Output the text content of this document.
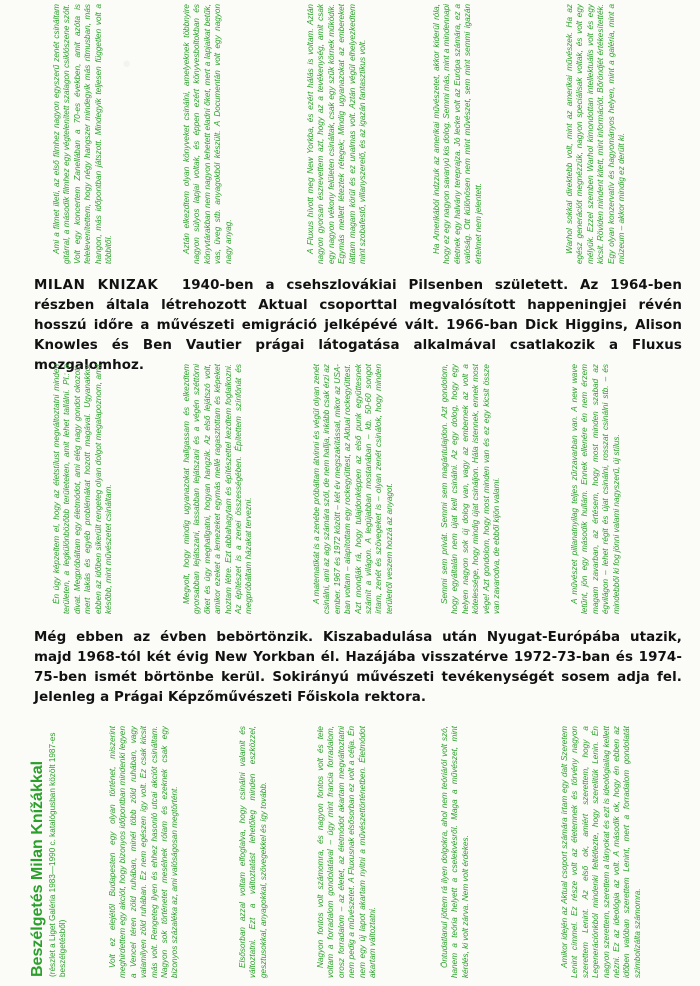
·

Ami a filmet illeti, az első filmhez nagyon egyszerű zenét csináltam gitárral, a második filmhez egy végtelenített szalagon csiklószene szólt. Volt egy koncertem Zanellában a 70-es években, amit azóta is felelevenítettem, hogy négy hangszer mindegyik más ritmusban, más hangon, más időpontban játszott. Mindegyik teljesen független volt a többitől.	Aztán elkezdtem olyan könyveket csinálni, amelyeknek többnyire nagyon súlyos lapjai voltak, és éppen ezért könyvesboltokban és könyvtárakban nem nagyon lehetett eladni őket, mert a lapjaikat betűk, vas, üveg stb. anyagokból készült. A Documentán volt egy nagyon nagy anyag.	A Fluxus hívott meg New Yorkba, és ezért hálás is voltam. Aztán nagyon gyorsan észrevettem azt, hogy az a tevékenység, amit csak egy nagyon vékony felületen csináltak, csak egy szűk körnek működik. Egymás mellett léteztek rétegek; Mindig ugyanazokat az embereket láttam magam körül és ez unalmas volt. Aztán végül elhelyezkedtem mint szobafestő, villanyszerelő, és az igazán fantasztikus volt.	Ha Amerikából indzzuk az amerikai művészetet, akkor kiderül róla, hogy ez egy nagyon savanyú kis dolog. Semmi más, mint a mindennapi életnek egy halvány tereprajza. Jó lecke volt az Európa számára, ez a valóság. Ott különösen nem mint művészet, sem mint semmi igazán értelmet nem jelentett.	Warhol sokkal direktebb volt, mint az amerikai művészek. Ha az egész generációt megnézzük, nagyon speciálisak voltak, és volt egy mélyük. Ezzel szemben Warhol kimondottan intellektuális volt és egy kicsit. Röviden mindent kitett, mint információt. Bőröndjét értékesítették. Egy olyan konzervatív és hagyományos helyen, mint a galéria, mint a múzeum – akkor mindig ez derült ki.

MILAN KNIZAK 1940-ben a csehszlovákiai Pilsenben született. Az 1964-ben részben általa létrehozott Aktual csoporttal megvalósított happeningjei révén hosszú időre a művészeti emigráció jelképévé vált. 1966-ban Dick Higgins, Alison Knowles és Ben Vautier prágai látogatása alkalmával csatlakozik a Fluxus mozgalomhoz.

Én úgy képzeltem el, hogy az életstílust megváltoztatni minden területen, a legkülönbözőbb területeken, amit lehet tallálni. Pl.: a divat. Megpróbáltam egy életmódot, ami elég nagy gondot okozott, mert lakás és egyéb problémákat hozott magával. Ugyanakkor ebben az időben sikerült rengeteg olyan dolgot megalapoznom, amit később, mint művészetet csináltam.	Megvolt, hogy mindig ugyanazokat hallgassam és elkezdtem gyorsabban lejátszani, lassabban lejátszani és a végén széttörni őket és úgy meghallgatni, hogyan hangzik. Az első lejátszó volt, amikor ezeket a lemezeket egymás mellé ragasztottam és képeket hoztam létre. Ezt abbahagytam és építészettel kezdtem foglalkozni. Az építészet is a zenei összességében. Építettem színfónát és megpróbáltam házakat tervezni.	A matematikát is a zenébe próbáltam átvinni és végül olyan zenét csinálni, ami az agy számára szól, de nem hallja, inkább csak érzi az ember. 1967 és 1972 között – két év megszakítással, mikor az USA-ban voltam – alapítottam egy rockegyüttest, az Aktual rockegyüttest. Azt mondják rá, hogy tulajdonképpen az első punk együttesnek számít a világon. A legújabban mostanában – kb. 50-60 songot írtam, zenét és szövegeket is – olyan zenét csinálok, hogy minden területről veszem hozzá az anyagot.	Semmi sem privát. Semmi sem magántulajdon. Azt gondolom, hogy egyáltalán nem újat kell csinálni. Az egy dolog, hogy egy helyen nagyon sok új dolog van, vagy az embernek az volt a kötelessége, hogy mindig újat csináljon. Hála istennek, ennek most vége! Azt gondolom, hogy most minden van és ez egy kicsit össze van zavarodva, de ebből kijön valami.	A művészet pillanatnyilag teljes zűrzavarban van. A new wave letűnt, jön egy második hullám. Ennek ellenére én nem érzem magam zavarban, az értésem, hogy most minden szabad az égvilágon – lehet régit és újat csinálni, rosszat csinálni stb. – és mindebből ki fog jönni valami nagyszerű, új stílus.

Még ebben az évben bebörtönzik. Kiszabadulása után Nyugat-Európába utazik, majd 1968-tól két évig New Yorkban él. Hazájába visszatérve 1972-73-ban és 1974-75-ben ismét börtönbe kerül. Sokirányú művészeti tevékenységét sosem adja fel. Jelenleg a Prágai Képzőművészeti Főiskola rektora.
Beszélgetés Milan Knížákkal (részlet a Liget Galéria 1983—1990 c. katalógusban közölt 1987-es beszélgetésből)	Volt ez elejétől Budapesten egy olyan történet, miszerint meghirdettem egy akciót, hogy bizonyos időpontban mindenki legyen a Vencel téren zöld ruhában, minél több zöld ruhában, vagy valamilyen zöld ruhában. Ez nem egészen így volt. Ez csak kicsit más volt. Rengeteg ilyen és ehhez hasonló utcai akciót csináltam. Nagyon sok történetet mesélnek rólam és ezeknek csak egy bizonyos százaléka az, ami valóságosan megtörtént.	Elsősorban azzal voltam elfoglalva, hogy csinálni valamit és változtatni. Ezt a változtatást lehetőleg minden eszközzel, gesztusokkal, anyagokkal, szövegekkel és így tovább.	Nagyon fontos volt számomra, és nagyon fontos volt és tele voltam a forradalom gondolatával – úgy mint francia forradalom, orosz forradalom – az életet, az életmódot akartam megváltoztatni nem pedig a művészetet. A Fluxusnak elsősorban ez volt a célja. Én nem egy új lapot akartam nyitni a művészettörténetben. Életmódot akartam változtatni.	Öntudatlanul jöttem rá ilyen dolgokra, ahol nem teóriáról volt szó, hanem a teória helyett a cselekvésről. Maga a művészet, mint kérdés, ki volt zárva. Nem volt érdekes.	Amikor idején az Aktual csoport számára írtam egy dalt Szeretem Lenint címmel. Ez része volt az életemnek és törvény nagyon szerettem Lenint. Az első ok, amiért szerettem, hogy a Legenerációnkból mindenki feltétlezte, hogy szerelitük Lenin. Én nagyon szerettem, szerettem a lányokat és ezt is ideológiailag kellett nézni. Ez az ideológia az volt. A második ok, hogy én ebben az időben valóban szerettem Lenint, mert a forradalom gondolatát szimbolizálta számomra.
